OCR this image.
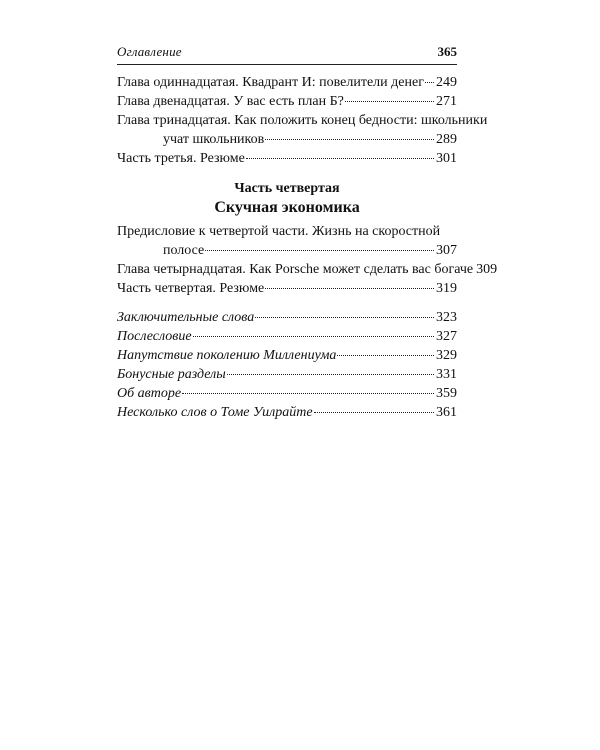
Оглавление	365
Глава одиннадцатая. Квадрант И: повелители денег 249
Глава двенадцатая. У вас есть план Б?	271
Глава тринадцатая. Как положить конец бедности: школьники
учат школьников	289
Часть третья. Резюме	301
Часть четвертая
Скучная экономика
Предисловие к четвертой части. Жизнь на скоростной
полосе	307
Глава четырнадцатая. Как Porsche может сделать вас богаче 309
Часть четвертая. Резюме	319
Заключительные слова	323
Послесловие	327
Напутствие поколению Миллениума	329
Бонусные разделы	331
Об авторе	359
Несколько слов о Томе Уилрайте	361
